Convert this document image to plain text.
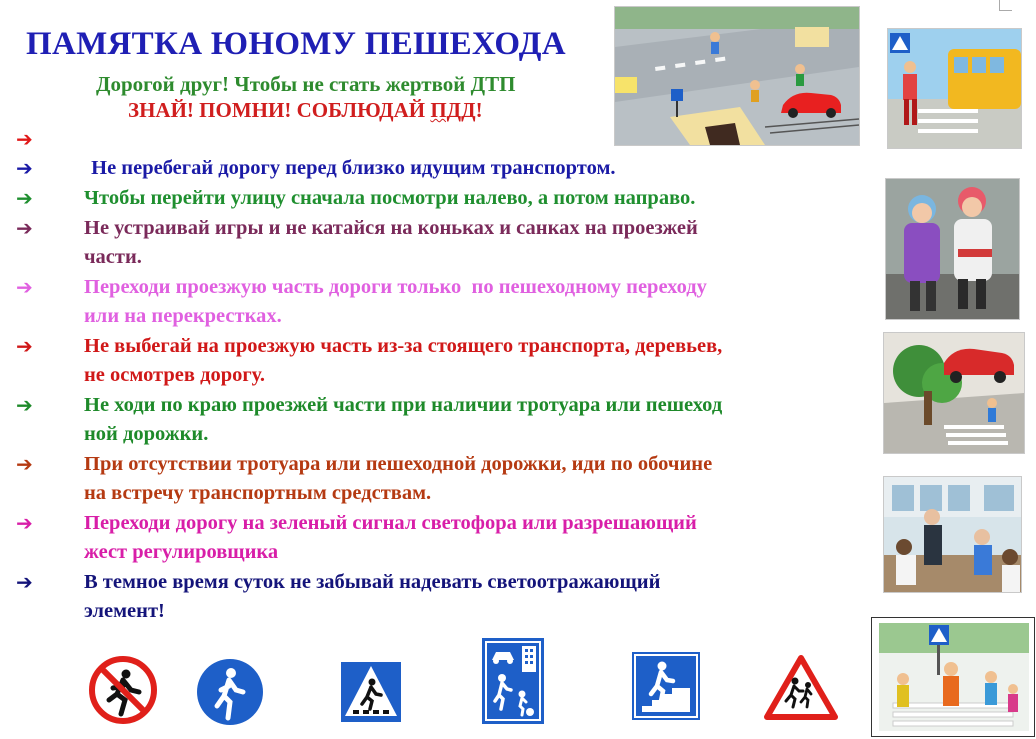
ПАМЯТКА ЮНОМУ ПЕШЕХОДА
Дорогой друг! Чтобы не стать жертвой ДТП
ЗНАЙ! ПОМНИ! СОБЛЮДАЙ ПДД!
➔
➔	Не перебегай дорогу перед близко идущим транспортом.
➔ Чтобы перейти улицу сначала посмотри налево, а потом направо.
➔ Не устраивай игры и не катайся на коньках и санках на проезжей
части.
➔ Переходи проезжую часть дороги только  по пешеходному переходу
или на перекрестках.
➔ Не выбегай на проезжую часть из-за стоящего транспорта, деревьев,
не осмотрев дорогу.
➔ Не ходи по краю проезжей части при наличии тротуара или пешеход
ной дорожки.
➔ При отсутствии тротуара или пешеходной дорожки, иди по обочине
на встречу транспортным средствам.
➔ Переходи дорогу на зеленый сигнал светофора или разрешающий
жест регулировщика
➔ В темное время суток не забывай надевать светоотражающий
элемент!
